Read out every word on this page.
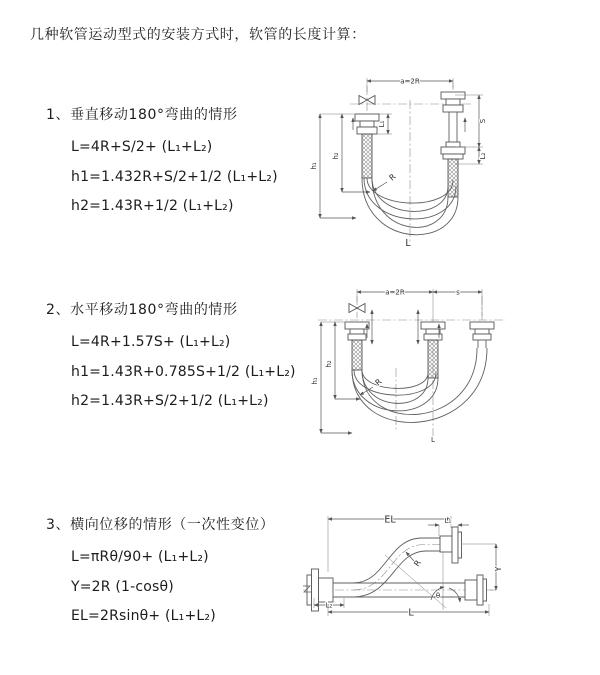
几种软管运动型式的安装方式时，软管的长度计算：
1、垂直移动180°弯曲的情形
L=4R+S/2+ (L₁+L₂)
h1=1.432R+S/2+1/2 (L₁+L₂)
h2=1.43R+1/2 (L₁+L₂)
2、水平移动180°弯曲的情形
L=4R+1.57S+ (L₁+L₂)
h1=1.43R+0.785S+1/2 (L₁+L₂)
h2=1.43R+S/2+1/2 (L₁+L₂)
3、横向位移的情形（一次性变位）
L=πRθ/90+ (L₁+L₂)
Y=2R (1-cosθ)
EL=2Rsinθ+ (L₁+L₂)
a=2R
h₁
h₂
L₁	S
L₂
R
L
a=2R	s
h₁
h₂
R
L
EL	L₁
θ
R
Y
L₂
L
